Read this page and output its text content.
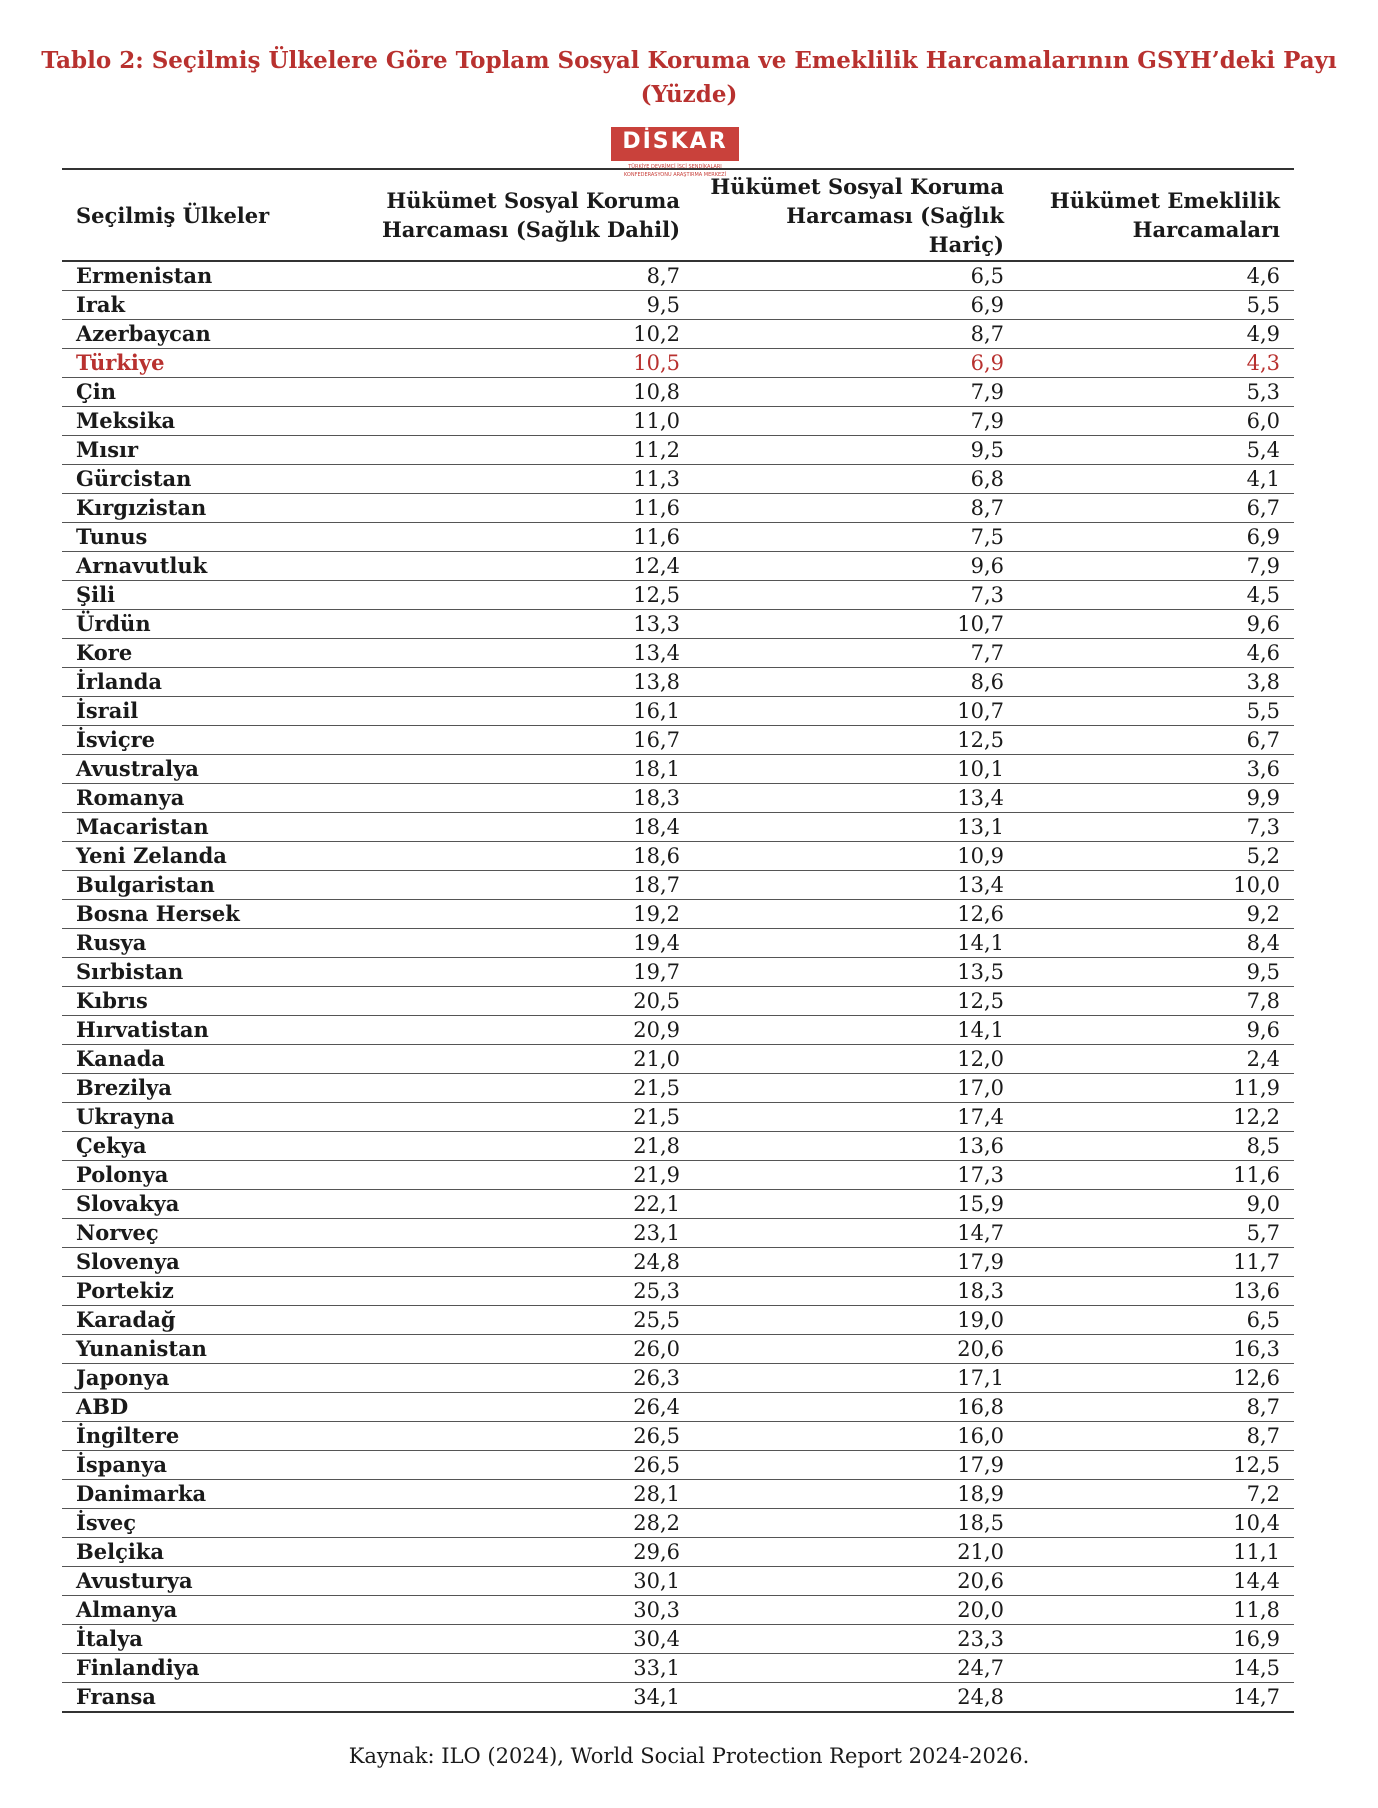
Tablo 2: Seçilmiş Ülkelere Göre Toplam Sosyal Koruma ve Emeklilik Harcamalarının GSYH’deki Payı
(Yüzde)
DİSKAR
TÜRKİYE DEVRİMCİ İŞÇİ SENDİKALARI KONFEDERASYONU ARAŞTIRMA MERKEZİ
Seçilmiş Ülkeler	Hükümet Sosyal Koruma Harcaması (Sağlık Dahil)	Hükümet Sosyal Koruma Harcaması (Sağlık Hariç)	Hükümet Emeklilik Harcamaları
Ermenistan	8,7	6,5	4,6
Irak	9,5	6,9	5,5
Azerbaycan	10,2	8,7	4,9
Türkiye	10,5	6,9	4,3
Çin	10,8	7,9	5,3
Meksika	11,0	7,9	6,0
Mısır	11,2	9,5	5,4
Gürcistan	11,3	6,8	4,1
Kırgızistan	11,6	8,7	6,7
Tunus	11,6	7,5	6,9
Arnavutluk	12,4	9,6	7,9
Şili	12,5	7,3	4,5
Ürdün	13,3	10,7	9,6
Kore	13,4	7,7	4,6
İrlanda	13,8	8,6	3,8
İsrail	16,1	10,7	5,5
İsviçre	16,7	12,5	6,7
Avustralya	18,1	10,1	3,6
Romanya	18,3	13,4	9,9
Macaristan	18,4	13,1	7,3
Yeni Zelanda	18,6	10,9	5,2
Bulgaristan	18,7	13,4	10,0
Bosna Hersek	19,2	12,6	9,2
Rusya	19,4	14,1	8,4
Sırbistan	19,7	13,5	9,5
Kıbrıs	20,5	12,5	7,8
Hırvatistan	20,9	14,1	9,6
Kanada	21,0	12,0	2,4
Brezilya	21,5	17,0	11,9
Ukrayna	21,5	17,4	12,2
Çekya	21,8	13,6	8,5
Polonya	21,9	17,3	11,6
Slovakya	22,1	15,9	9,0
Norveç	23,1	14,7	5,7
Slovenya	24,8	17,9	11,7
Portekiz	25,3	18,3	13,6
Karadağ	25,5	19,0	6,5
Yunanistan	26,0	20,6	16,3
Japonya	26,3	17,1	12,6
ABD	26,4	16,8	8,7
İngiltere	26,5	16,0	8,7
İspanya	26,5	17,9	12,5
Danimarka	28,1	18,9	7,2
İsveç	28,2	18,5	10,4
Belçika	29,6	21,0	11,1
Avusturya	30,1	20,6	14,4
Almanya	30,3	20,0	11,8
İtalya	30,4	23,3	16,9
Finlandiya	33,1	24,7	14,5
Fransa	34,1	24,8	14,7
Kaynak: ILO (2024), World Social Protection Report 2024-2026.
